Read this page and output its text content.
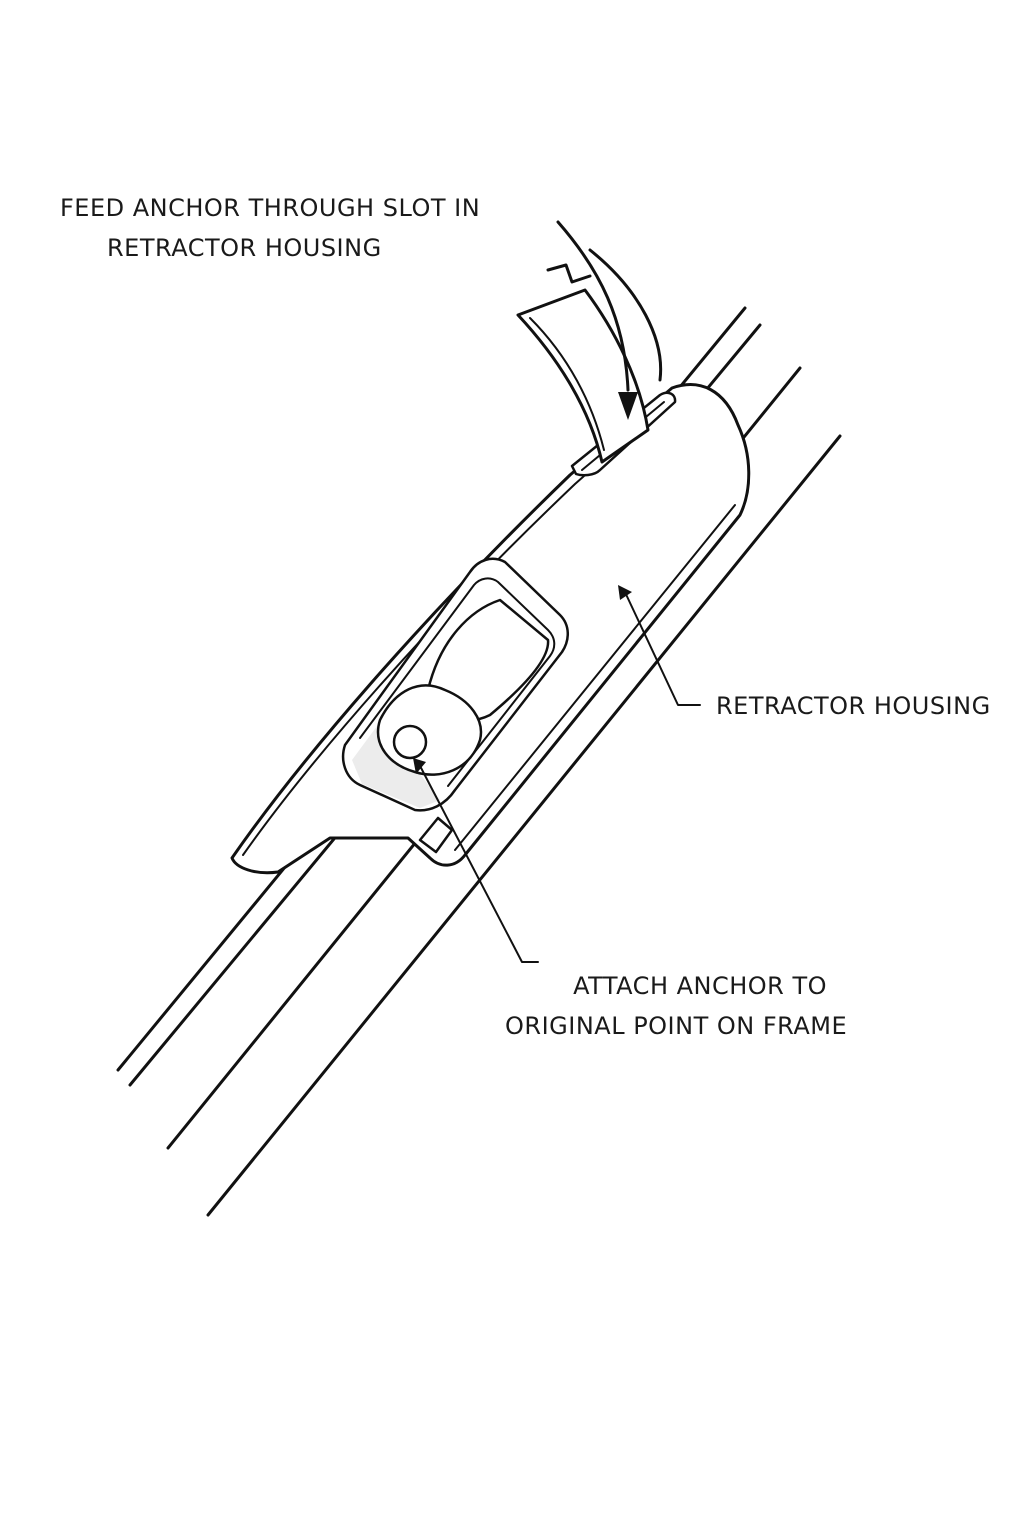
FEED ANCHOR THROUGH SLOT IN
RETRACTOR HOUSING
RETRACTOR HOUSING
ATTACH ANCHOR TO
ORIGINAL POINT ON FRAME
